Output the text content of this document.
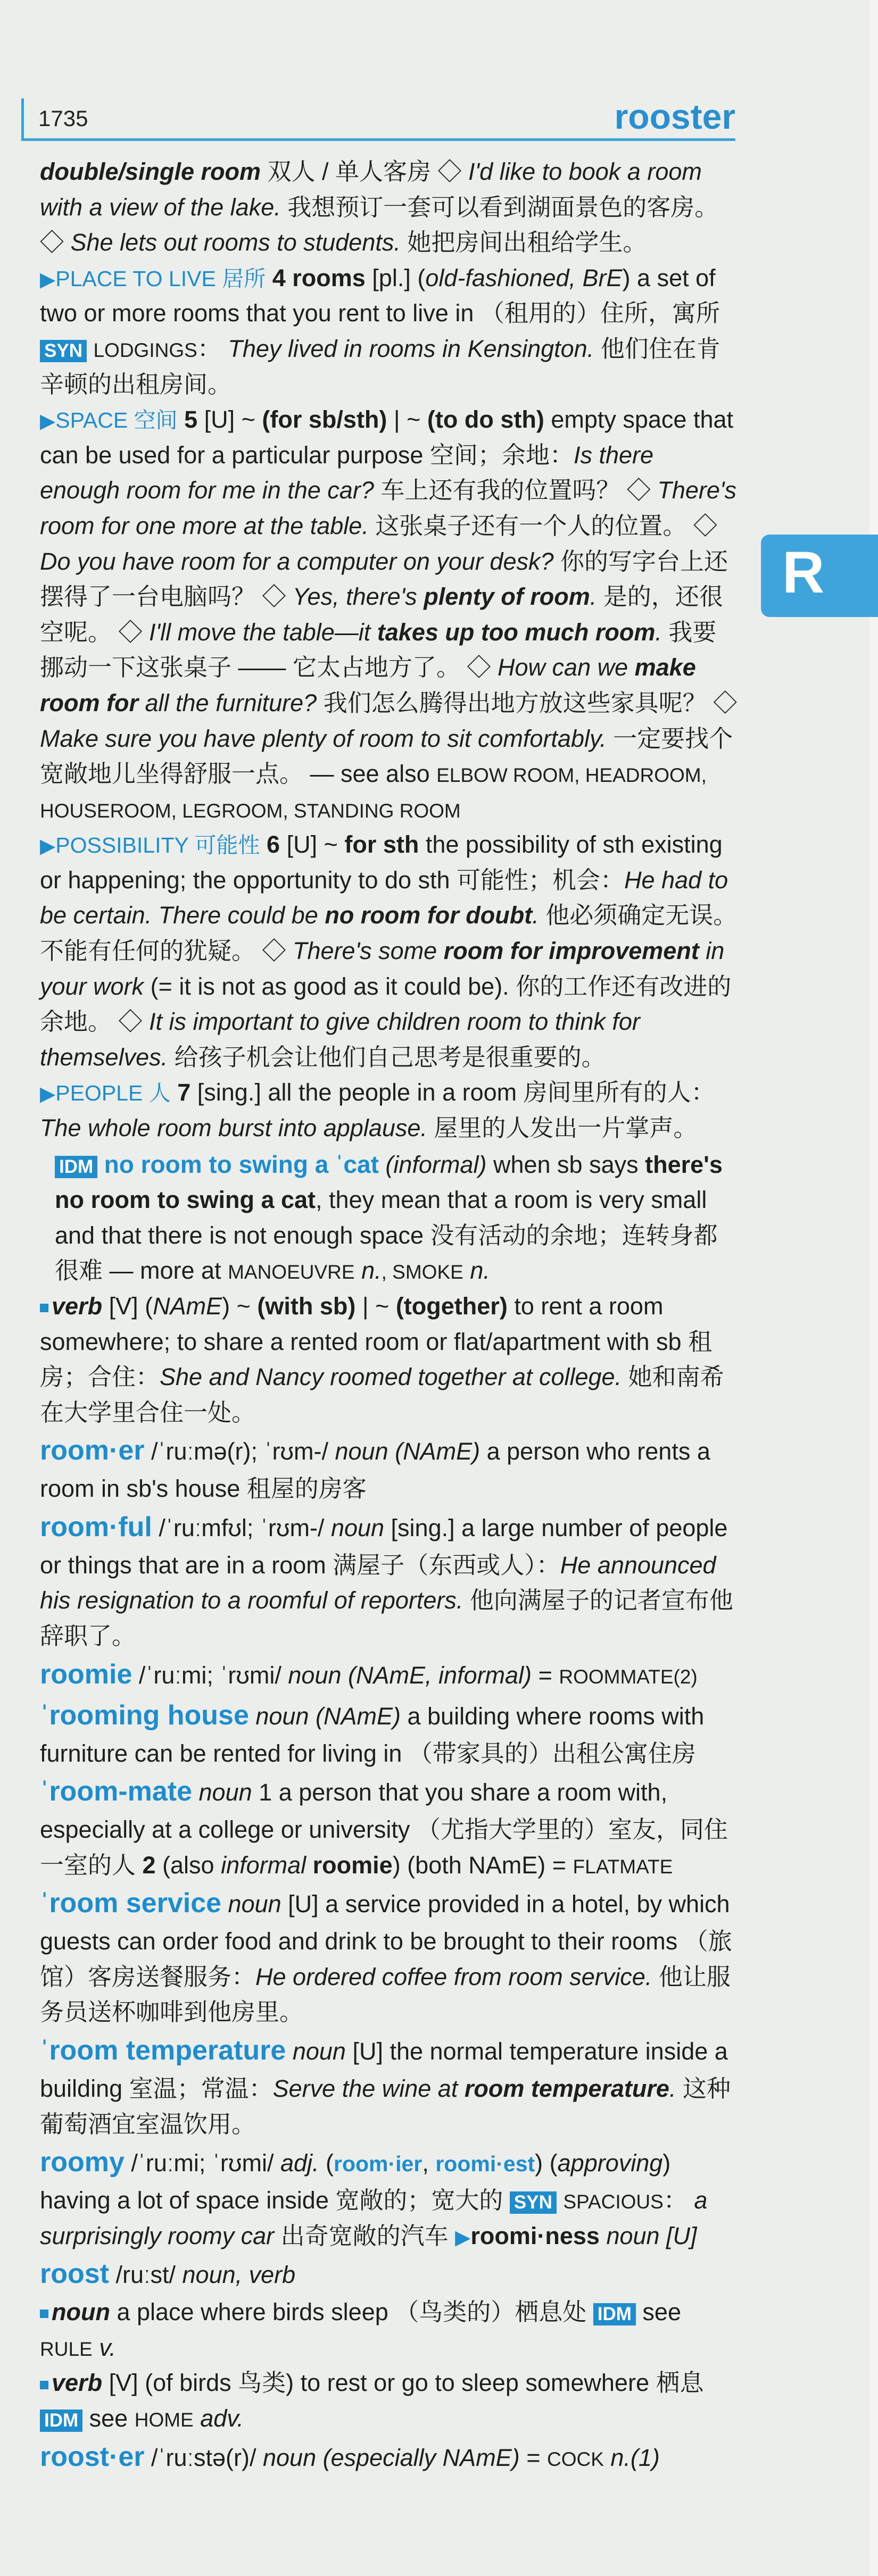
1735	rooster
R

double/single room 双人 / 单人客房 ◇ I'd like to book a room with a view of the lake. 我想预订一套可以看到湖面景色的客房。 ◇ She lets out rooms to students. 她把房间出租给学生。

▶PLACE TO LIVE 居所 4 rooms [pl.] (old-fashioned, BrE) a set of two or more rooms that you rent to live in （租用的）住所，寓所 SYN LODGINGS： They lived in rooms in Kensington. 他们住在肯辛顿的出租房间。

▶SPACE 空间 5 [U] ~ (for sb/sth) | ~ (to do sth) empty space that can be used for a particular purpose 空间；余地：Is there enough room for me in the car? 车上还有我的位置吗？ ◇ There's room for one more at the table. 这张桌子还有一个人的位置。 ◇ Do you have room for a computer on your desk? 你的写字台上还摆得了一台电脑吗？ ◇ Yes, there's plenty of room. 是的，还很空呢。 ◇ I'll move the table—it takes up too much room. 我要挪动一下这张桌子 —— 它太占地方了。 ◇ How can we make room for all the furniture? 我们怎么腾得出地方放这些家具呢？ ◇ Make sure you have plenty of room to sit comfortably. 一定要找个宽敞地儿坐得舒服一点。 — see also ELBOW ROOM, HEADROOM, HOUSEROOM, LEGROOM, STANDING ROOM

▶POSSIBILITY 可能性 6 [U] ~ for sth the possibility of sth existing or happening; the opportunity to do sth 可能性；机会：He had to be certain. There could be no room for doubt. 他必须确定无误。不能有任何的犹疑。 ◇ There's some room for improvement in your work (= it is not as good as it could be). 你的工作还有改进的余地。 ◇ It is important to give children room to think for themselves. 给孩子机会让他们自己思考是很重要的。

▶PEOPLE 人 7 [sing.] all the people in a room 房间里所有的人：The whole room burst into applause. 屋里的人发出一片掌声。

IDM no room to swing a ˈcat (informal) when sb says there's no room to swing a cat, they mean that a room is very small and that there is not enough space 没有活动的余地；连转身都很难 — more at MANOEUVRE n., SMOKE n.

verb [V] (NAmE) ~ (with sb) | ~ (together) to rent a room somewhere; to share a rented room or flat/apartment with sb 租房；合住：She and Nancy roomed together at college. 她和南希在大学里合住一处。

room·er /ˈruːmə(r); ˈrʊm-/ noun (NAmE) a person who rents a room in sb's house 租屋的房客

room·ful /ˈruːmfʊl; ˈrʊm-/ noun [sing.] a large number of people or things that are in a room 满屋子（东西或人）：He announced his resignation to a roomful of reporters. 他向满屋子的记者宣布他辞职了。

roomie /ˈruːmi; ˈrʊmi/ noun (NAmE, informal) = ROOMMATE(2)

ˈrooming house noun (NAmE) a building where rooms with furniture can be rented for living in （带家具的）出租公寓住房

ˈroom-mate noun 1 a person that you share a room with, especially at a college or university （尤指大学里的）室友，同住一室的人 2 (also informal roomie) (both NAmE) = FLATMATE

ˈroom service noun [U] a service provided in a hotel, by which guests can order food and drink to be brought to their rooms （旅馆）客房送餐服务：He ordered coffee from room service. 他让服务员送杯咖啡到他房里。

ˈroom temperature noun [U] the normal temperature inside a building 室温；常温：Serve the wine at room temperature. 这种葡萄酒宜室温饮用。

roomy /ˈruːmi; ˈrʊmi/ adj. (room·ier, roomi·est) (approving) having a lot of space inside 宽敞的；宽大的 SYN SPACIOUS： a surprisingly roomy car 出奇宽敞的汽车 ▶roomi·ness noun [U]

roost /ruːst/ noun, verb

noun a place where birds sleep （鸟类的）栖息处 IDM see RULE v.

verb [V] (of birds 鸟类) to rest or go to sleep somewhere 栖息 IDM see HOME adv.

roost·er /ˈruːstə(r)/ noun (especially NAmE) = COCK n.(1)
